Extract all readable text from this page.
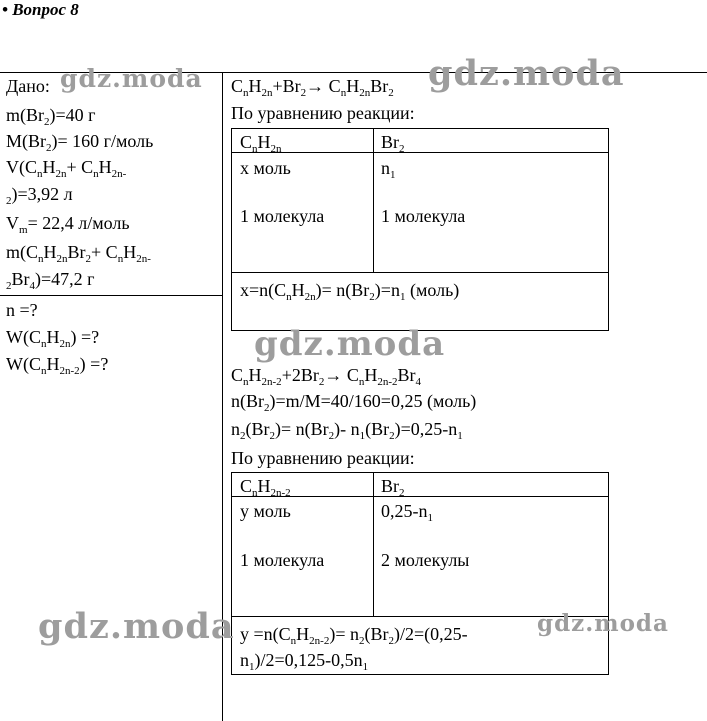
• Вопрос 8
Дано:
$m(Br_2)=40$ г
$M(Br_2)= 160$ г/моль
$V(C_nH_{2n}+ C_nH_{2n-}$
$_2$)=3,92 л
$V_m= 22,4$ л/моль
$m(C_nH_{2n}Br_2+ C_nH_{2n-}$
$_2Br_4)=47,2$ г
n =?
$W(C_nH_{2n})$ =?
$W(C_nH_{2n-2})$ =?
$C_nH_{2n}+Br_2\to C_nH_{2n}Br_2$
По уравнению реакции:
$C_nH_{2n}$	$Br_2$
x моль	$n_1$
1 молекула	1 молекула
$x=n(C_nH_{2n})= n(Br_2)=n_1$ (моль)
$C_nH_{2n-2}+2Br_2\to C_nH_{2n-2}Br_4$
$n(Br_2)=m/M=40/160=0,25$ (моль)
$n_2(Br_2)= n(Br_2)-$ $n_1(Br_2)=0,25-n_1$
По уравнению реакции:
$C_nH_{2n-2}$	$Br_2$
y моль	$0,25-n_1$
1 молекула	2 молекулы
$y =n(C_nH_{2n-2})= n_2(Br_2)/2=(0,25-$
$n_1)/2=0,125-0,5n_1$
gdz.moda	gdz.moda
gdz.moda
gdz.moda	gdz.moda
